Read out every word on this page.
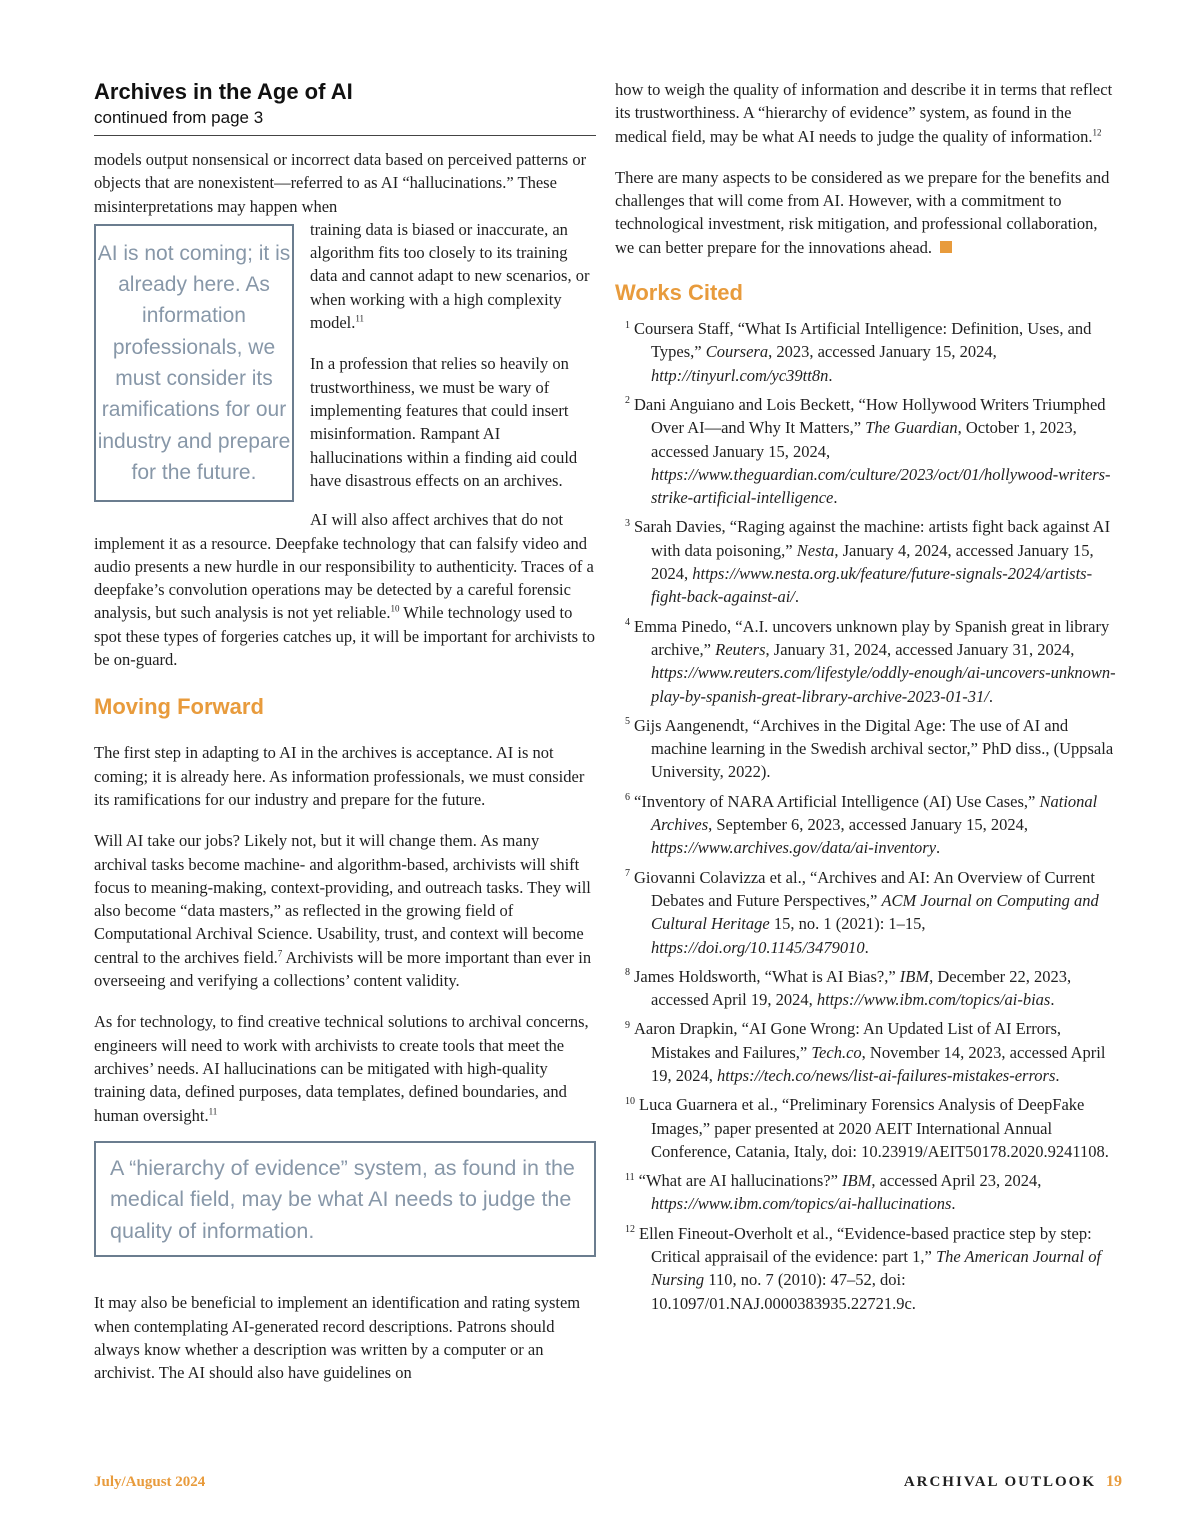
Archives in the Age of AI
continued from page 3

models output nonsensical or incorrect data based on perceived patterns or objects that are nonexistent—referred to as AI “hallucinations.” These misinterpretations may happen when

AI is not coming; it is already here. As information professionals, we must consider its ramifications for our industry and prepare for the future.

training data is biased or inaccurate, an algorithm fits too closely to its training data and cannot adapt to new scenarios, or when working with a high complexity model.$^{11}$

In a profession that relies so heavily on trustworthiness, we must be wary of implementing features that could insert misinformation. Rampant AI hallucinations within a finding aid could have disastrous effects on an archives.

AI will also affect archives that do not implement it as a resource. Deepfake technology that can falsify video and audio presents a new hurdle in our responsibility to authenticity. Traces of a deepfake’s convolution operations may be detected by a careful forensic analysis, but such analysis is not yet reliable.$^{10}$ While technology used to spot these types of forgeries catches up, it will be important for archivists to be on-guard.

Moving Forward

The first step in adapting to AI in the archives is acceptance. AI is not coming; it is already here. As information professionals, we must consider its ramifications for our industry and prepare for the future.

Will AI take our jobs? Likely not, but it will change them. As many archival tasks become machine- and algorithm-based, archivists will shift focus to meaning-making, context-providing, and outreach tasks. They will also become “data masters,” as reflected in the growing field of Computational Archival Science. Usability, trust, and context will become central to the archives field.$^7$ Archivists will be more important than ever in overseeing and verifying a collections’ content validity.

As for technology, to find creative technical solutions to archival concerns, engineers will need to work with archivists to create tools that meet the archives’ needs. AI hallucinations can be mitigated with high-quality training data, defined purposes, data templates, defined boundaries, and human oversight.$^{11}$

A “hierarchy of evidence” system, as found in the medical field, may be what AI needs to judge the quality of information.

It may also be beneficial to implement an identification and rating system when contemplating AI-generated record descriptions. Patrons should always know whether a description was written by a computer or an archivist. The AI should also have guidelines on

how to weigh the quality of information and describe it in terms that reflect its trustworthiness. A “hierarchy of evidence” system, as found in the medical field, may be what AI needs to judge the quality of information.$^{12}$

There are many aspects to be considered as we prepare for the benefits and challenges that will come from AI. However, with a commitment to technological investment, risk mitigation, and professional collaboration, we can better prepare for the innovations ahead.

Works Cited
$^1$ Coursera Staff, “What Is Artificial Intelligence: Definition, Uses, and Types,” Coursera, 2023, accessed January 15, 2024, http://tinyurl.com/yc39tt8n.
$^2$ Dani Anguiano and Lois Beckett, “How Hollywood Writers Triumphed Over AI—and Why It Matters,” The Guardian, October 1, 2023, accessed January 15, 2024, https://www.theguardian.com/culture/2023/oct/01/hollywood-writers-strike-artificial-intelligence.
$^3$ Sarah Davies, “Raging against the machine: artists fight back against AI with data poisoning,” Nesta, January 4, 2024, accessed January 15, 2024, https://www.nesta.org.uk/feature/future-signals-2024/artists-fight-back-against-ai/.
$^4$ Emma Pinedo, “A.I. uncovers unknown play by Spanish great in library archive,” Reuters, January 31, 2024, accessed January 31, 2024, https://www.reuters.com/lifestyle/oddly-enough/ai-uncovers-unknown-play-by-spanish-great-library-archive-2023-01-31/.
$^5$ Gijs Aangenendt, “Archives in the Digital Age: The use of AI and machine learning in the Swedish archival sector,” PhD diss., (Uppsala University, 2022).
$^6$ “Inventory of NARA Artificial Intelligence (AI) Use Cases,” National Archives, September 6, 2023, accessed January 15, 2024, https://www.archives.gov/data/ai-inventory.
$^7$ Giovanni Colavizza et al., “Archives and AI: An Overview of Current Debates and Future Perspectives,” ACM Journal on Computing and Cultural Heritage 15, no. 1 (2021): 1–15, https://doi.org/10.1145/3479010.
$^8$ James Holdsworth, “What is AI Bias?,” IBM, December 22, 2023, accessed April 19, 2024, https://www.ibm.com/topics/ai-bias.
$^9$ Aaron Drapkin, “AI Gone Wrong: An Updated List of AI Errors, Mistakes and Failures,” Tech.co, November 14, 2023, accessed April 19, 2024, https://tech.co/news/list-ai-failures-mistakes-errors.
$^{10}$ Luca Guarnera et al., “Preliminary Forensics Analysis of DeepFake Images,” paper presented at 2020 AEIT International Annual Conference, Catania, Italy, doi: 10.23919/AEIT50178.2020.9241108.
$^{11}$ “What are AI hallucinations?” IBM, accessed April 23, 2024, https://www.ibm.com/topics/ai-hallucinations.
$^{12}$ Ellen Fineout-Overholt et al., “Evidence-based practice step by step: Critical appraisail of the evidence: part 1,” The American Journal of Nursing 110, no. 7 (2010): 47–52, doi: 10.1097/01.NAJ.0000383935.22721.9c.
July/August 2024	ARCHIVAL OUTLOOK 19
